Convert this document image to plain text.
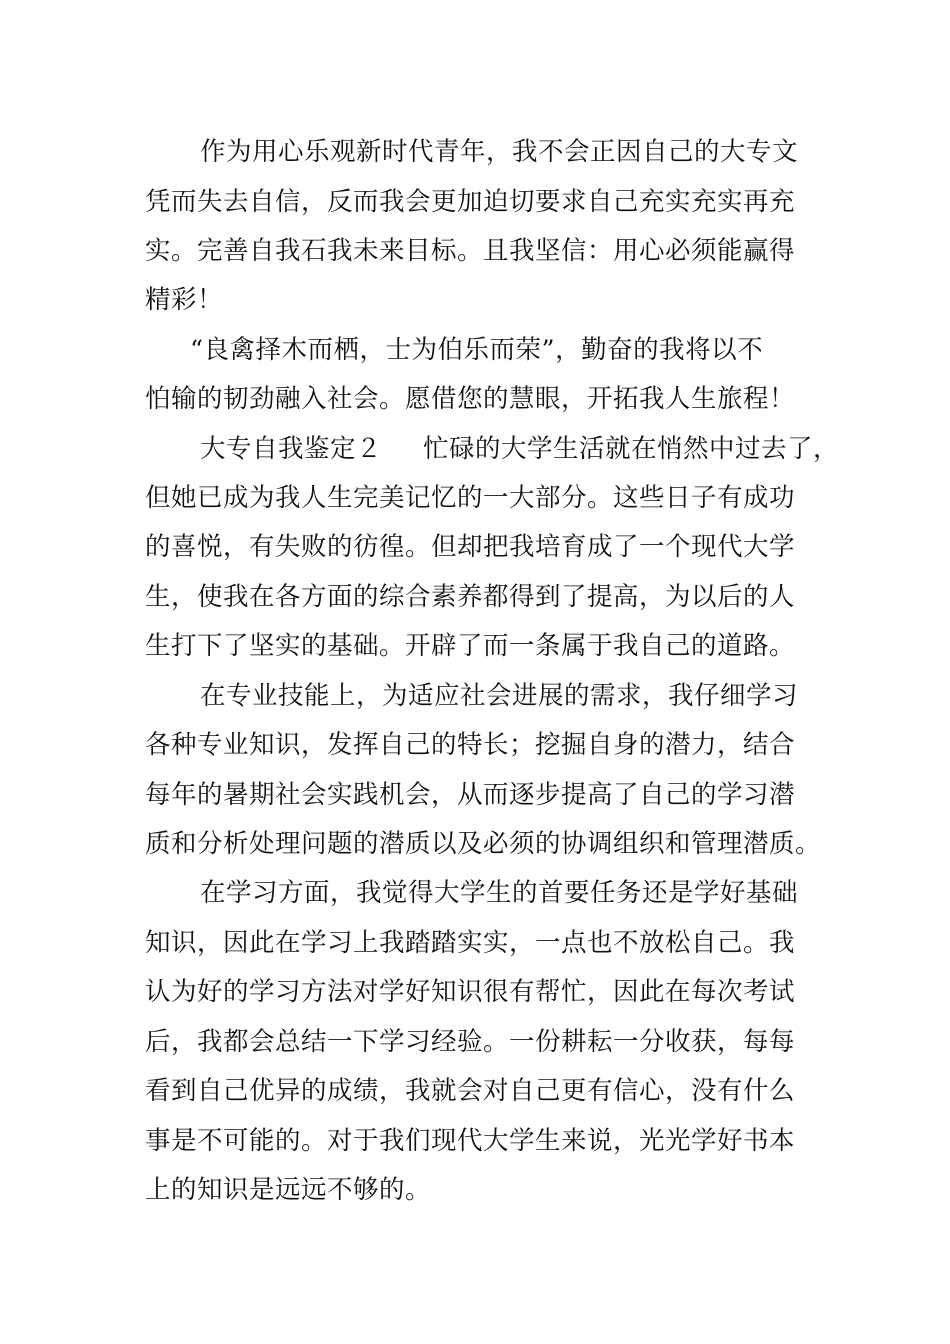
作为用心乐观新时代青年，我不会正因自己的大专文
凭而失去自信，反而我会更加迫切要求自己充实充实再充
实。完善自我石我未来目标。且我坚信：用心必须能赢得
精彩！
“良禽择木而栖，士为伯乐而荣”，勤奋的我将以不
怕输的韧劲融入社会。愿借您的慧眼，开拓我人生旅程！
大专自我鉴定２ 忙碌的大学生活就在悄然中过去了，
但她已成为我人生完美记忆的一大部分。这些日子有成功
的喜悦，有失败的彷徨。但却把我培育成了一个现代大学
生，使我在各方面的综合素养都得到了提高，为以后的人
生打下了坚实的基础。开辟了而一条属于我自己的道路。
在专业技能上，为适应社会进展的需求，我仔细学习
各种专业知识，发挥自己的特长；挖掘自身的潜力，结合
每年的暑期社会实践机会，从而逐步提高了自己的学习潜
质和分析处理问题的潜质以及必须的协调组织和管理潜质。
在学习方面，我觉得大学生的首要任务还是学好基础
知识，因此在学习上我踏踏实实，一点也不放松自己。我
认为好的学习方法对学好知识很有帮忙，因此在每次考试
后，我都会总结一下学习经验。一份耕耘一分收获，每每
看到自己优异的成绩，我就会对自己更有信心，没有什么
事是不可能的。对于我们现代大学生来说，光光学好书本
上的知识是远远不够的。
